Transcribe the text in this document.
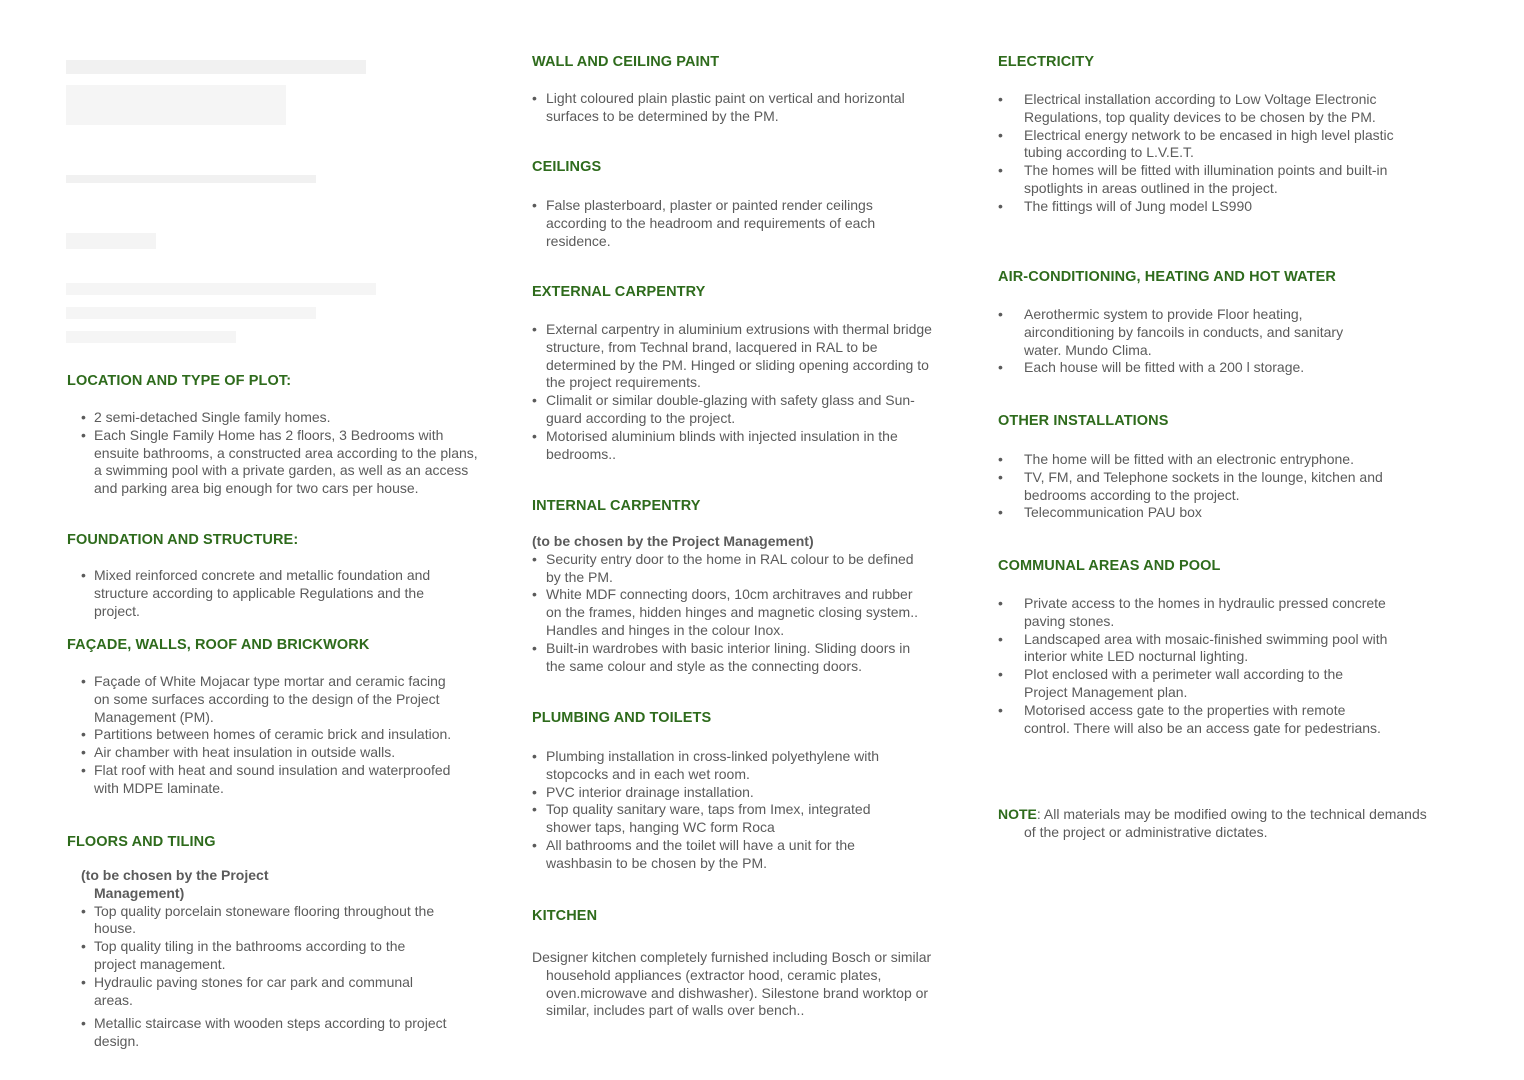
LOCATION AND TYPE OF PLOT:
• 2 semi-detached Single family homes.
• Each Single Family Home has 2 floors, 3 Bedrooms with ensuite bathrooms, a constructed area according to the plans, a swimming pool with a private garden, as well as an access and parking area big enough for two cars per house.
FOUNDATION AND STRUCTURE:
• Mixed reinforced concrete and metallic foundation and structure according to applicable Regulations and the project.
FAÇADE, WALLS, ROOF AND BRICKWORK
• Façade of White Mojacar type mortar and ceramic facing on some surfaces according to the design of the Project Management (PM).
• Partitions between homes of ceramic brick and insulation.
• Air chamber with heat insulation in outside walls.
• Flat roof with heat and sound insulation and waterproofed with MDPE laminate.
FLOORS AND TILING
(to be chosen by the Project Management)
• Top quality porcelain stoneware flooring throughout the house.
• Top quality tiling in the bathrooms according to the project management.
• Hydraulic paving stones for car park and communal areas.
• Metallic staircase with wooden steps according to project design.
WALL AND CEILING PAINT
• Light coloured plain plastic paint on vertical and horizontal surfaces to be determined by the PM.
CEILINGS
• False plasterboard, plaster or painted render ceilings according to the headroom and requirements of each residence.
EXTERNAL CARPENTRY
• External carpentry in aluminium extrusions with thermal bridge structure, from Technal brand, lacquered in RAL to be determined by the PM. Hinged or sliding opening according to the project requirements.
• Climalit or similar double-glazing with safety glass and Sun-guard according to the project.
• Motorised aluminium blinds with injected insulation in the bedrooms..
INTERNAL CARPENTRY
(to be chosen by the Project Management)
• Security entry door to the home in RAL colour to be defined by the PM.
• White MDF connecting doors, 10cm architraves and rubber on the frames, hidden hinges and magnetic closing system.. Handles and hinges in the colour Inox.
• Built-in wardrobes with basic interior lining. Sliding doors in the same colour and style as the connecting doors.
PLUMBING AND TOILETS
• Plumbing installation in cross-linked polyethylene with stopcocks and in each wet room.
• PVC interior drainage installation.
• Top quality sanitary ware, taps from Imex, integrated shower taps, hanging WC form Roca
• All bathrooms and the toilet will have a unit for the washbasin to be chosen by the PM.
KITCHEN
Designer kitchen completely furnished including Bosch or similar household appliances (extractor hood, ceramic plates, oven.microwave and dishwasher). Silestone brand worktop or similar, includes part of walls over bench..
ELECTRICITY
• Electrical installation according to Low Voltage Electronic Regulations, top quality devices to be chosen by the PM.
• Electrical energy network to be encased in high level plastic tubing according to L.V.E.T.
• The homes will be fitted with illumination points and built-in spotlights in areas outlined in the project.
• The fittings will of Jung model LS990
AIR-CONDITIONING, HEATING AND HOT WATER
• Aerothermic system to provide Floor heating, airconditioning by fancoils in conducts, and sanitary water. Mundo Clima.
• Each house will be fitted with a 200 l storage.
OTHER INSTALLATIONS
• The home will be fitted with an electronic entryphone.
• TV, FM, and Telephone sockets in the lounge, kitchen and bedrooms according to the project.
• Telecommunication PAU box
COMMUNAL AREAS AND POOL
• Private access to the homes in hydraulic pressed concrete paving stones.
• Landscaped area with mosaic-finished swimming pool with interior white LED nocturnal lighting.
• Plot enclosed with a perimeter wall according to the Project Management plan.
• Motorised access gate to the properties with remote control. There will also be an access gate for pedestrians.
NOTE: All materials may be modified owing to the technical demands of the project or administrative dictates.
